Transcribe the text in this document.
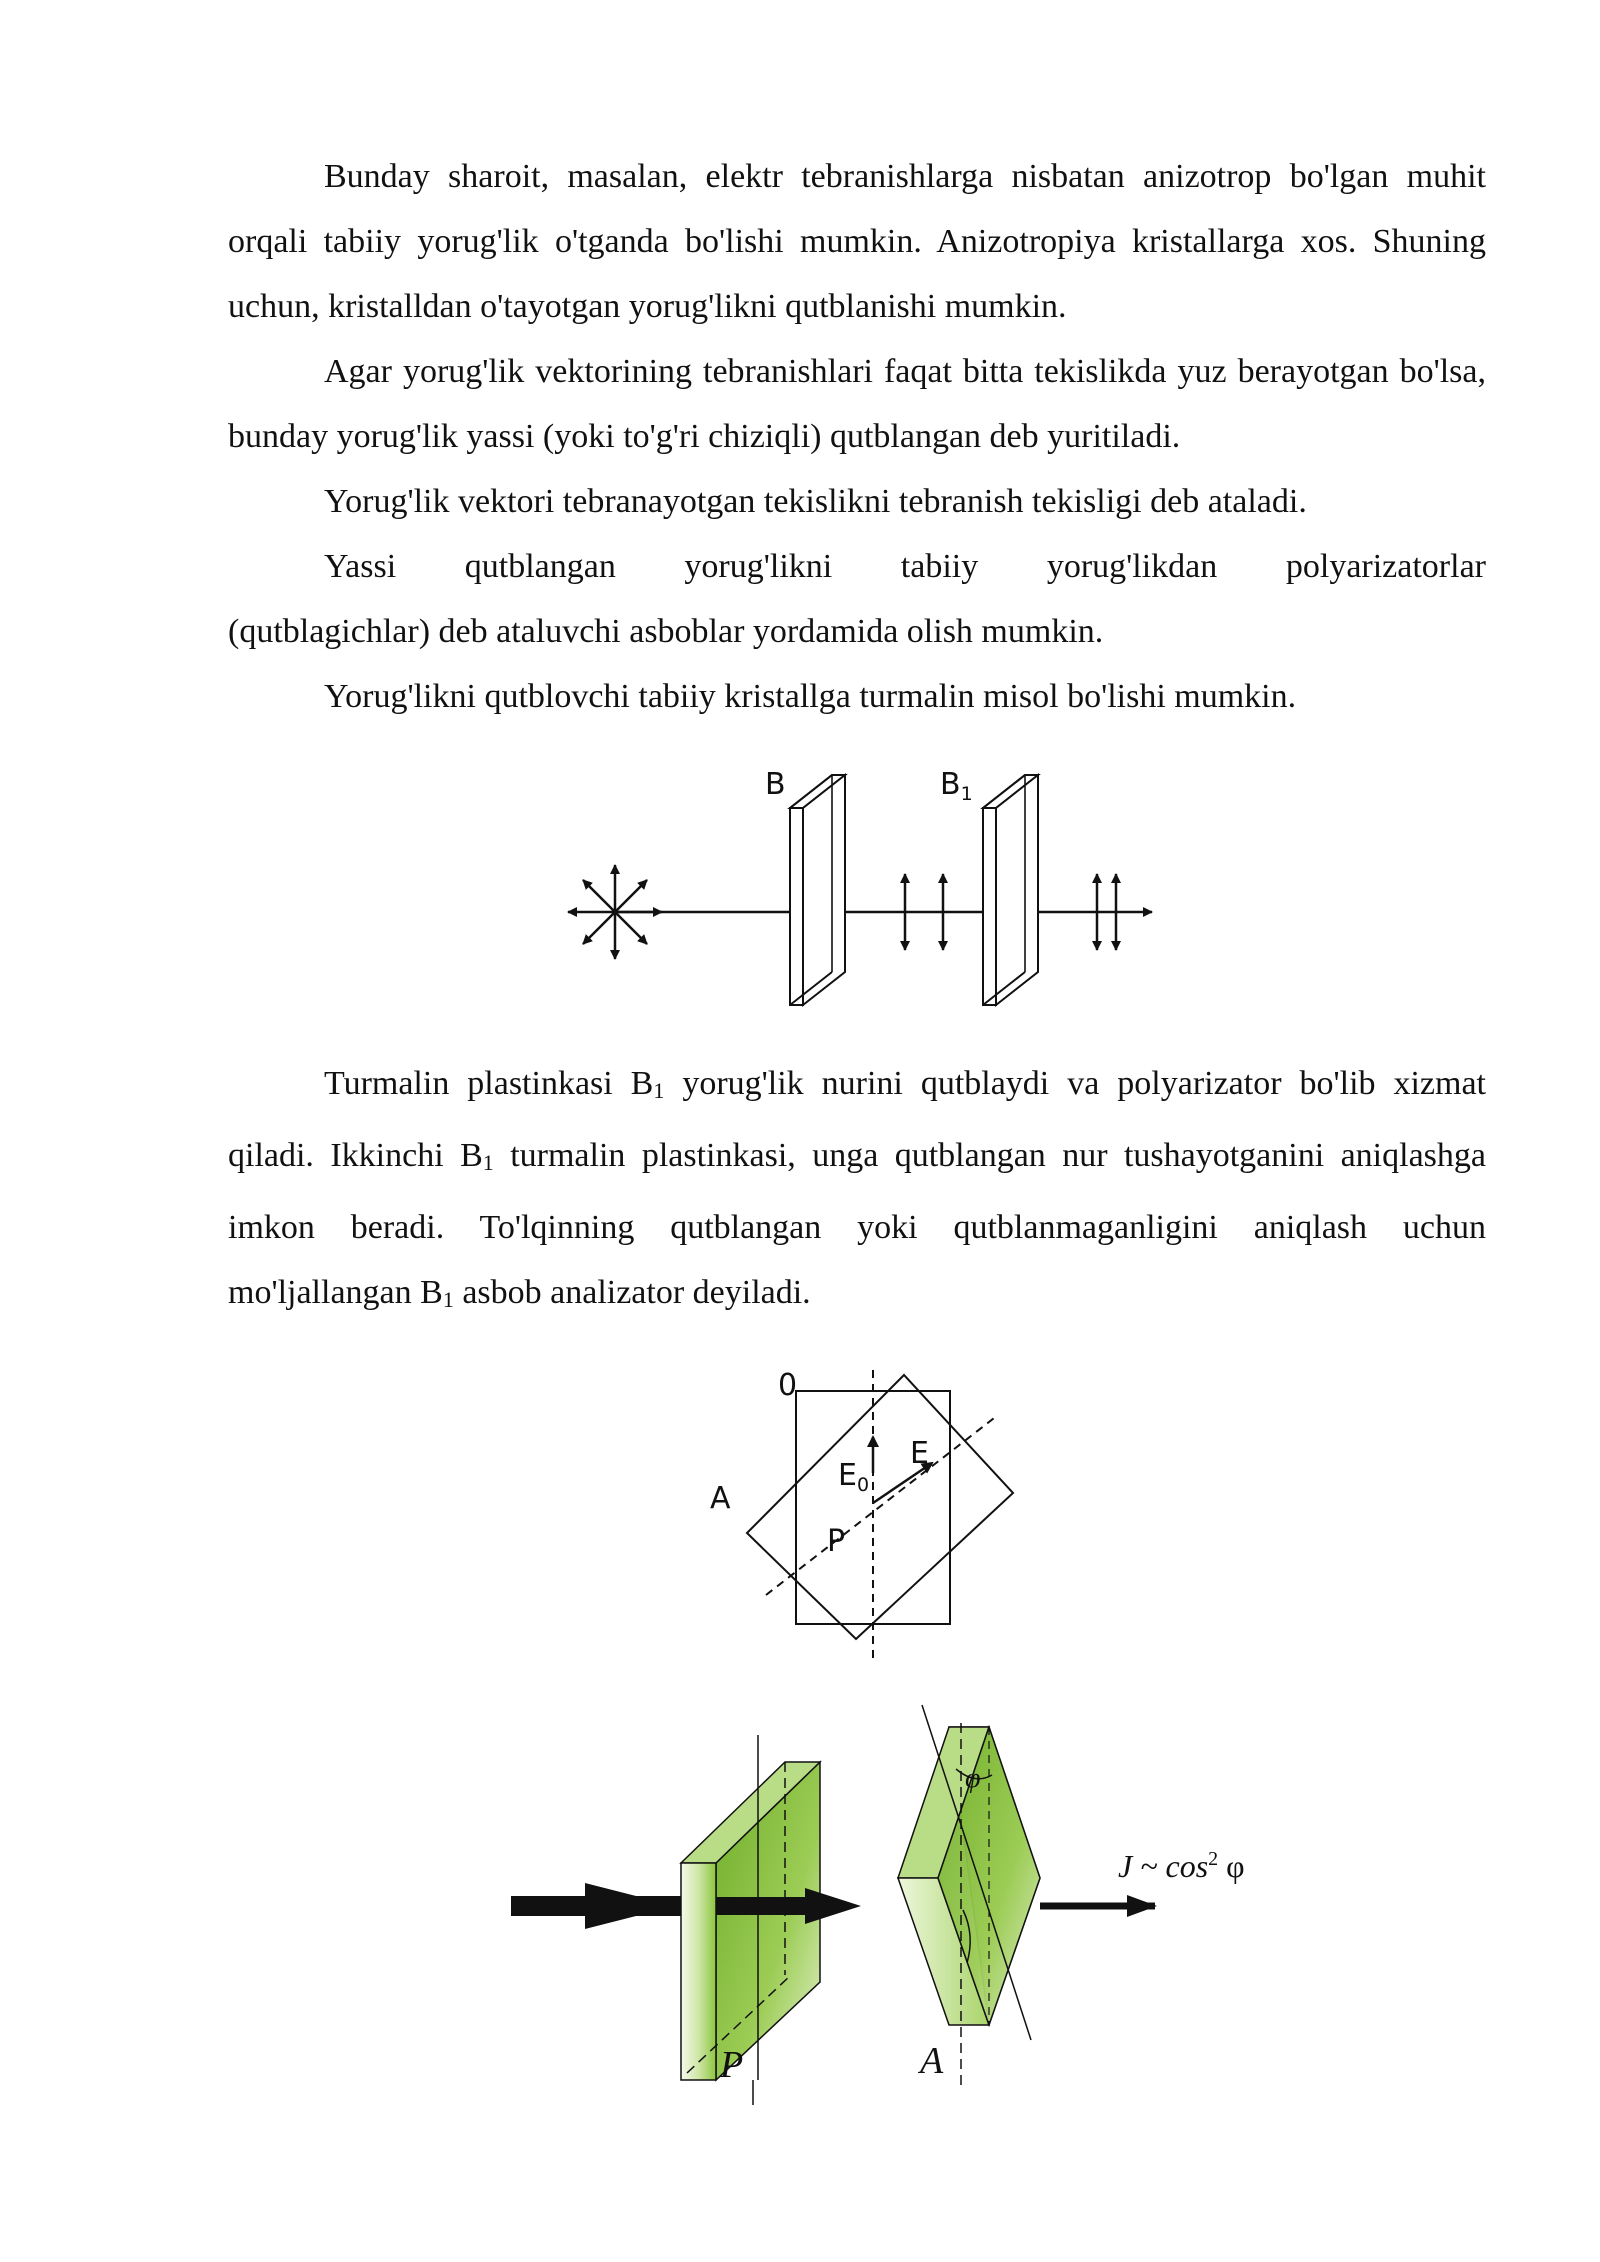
Bunday sharoit, masalan, elektr tebranishlarga nisbatan anizotrop bo'lgan muhit orqali tabiiy yorug'lik o'tganda bo'lishi mumkin. Anizotropiya kristallarga xos. Shuning uchun, kristalldan o'tayotgan yorug'likni qutblanishi mumkin.

Agar yorug'lik vektorining tebranishlari faqat bitta tekislikda yuz berayotgan bo'lsa, bunday yorug'lik yassi (yoki to'g'ri chiziqli) qutblangan deb yuritiladi.

Yorug'lik vektori tebranayotgan tekislikni tebranish tekisligi deb ataladi.

Yassi qutblangan yorug'likni tabiiy yorug'likdan polyarizatorlar

(qutblagichlar) deb ataluvchi asboblar yordamida olish mumkin.

Yorug'likni qutblovchi tabiiy kristallga turmalin misol bo'lishi mumkin.

B	$B_1$

Turmalin plastinkasi B1 yorug'lik nurini qutblaydi va polyarizator bo'lib xizmat qiladi. Ikkinchi B1 turmalin plastinkasi, unga qutblangan nur tushayotganini aniqlashga imkon beradi. To'lqinning qutblangan yoki qutblanmaganligini aniqlash uchun mo'ljallangan B1 asbob analizator deyiladi.

0
A
$E_0$
E
P
P	A
φ
J ~ $\cos^2 \varphi$
